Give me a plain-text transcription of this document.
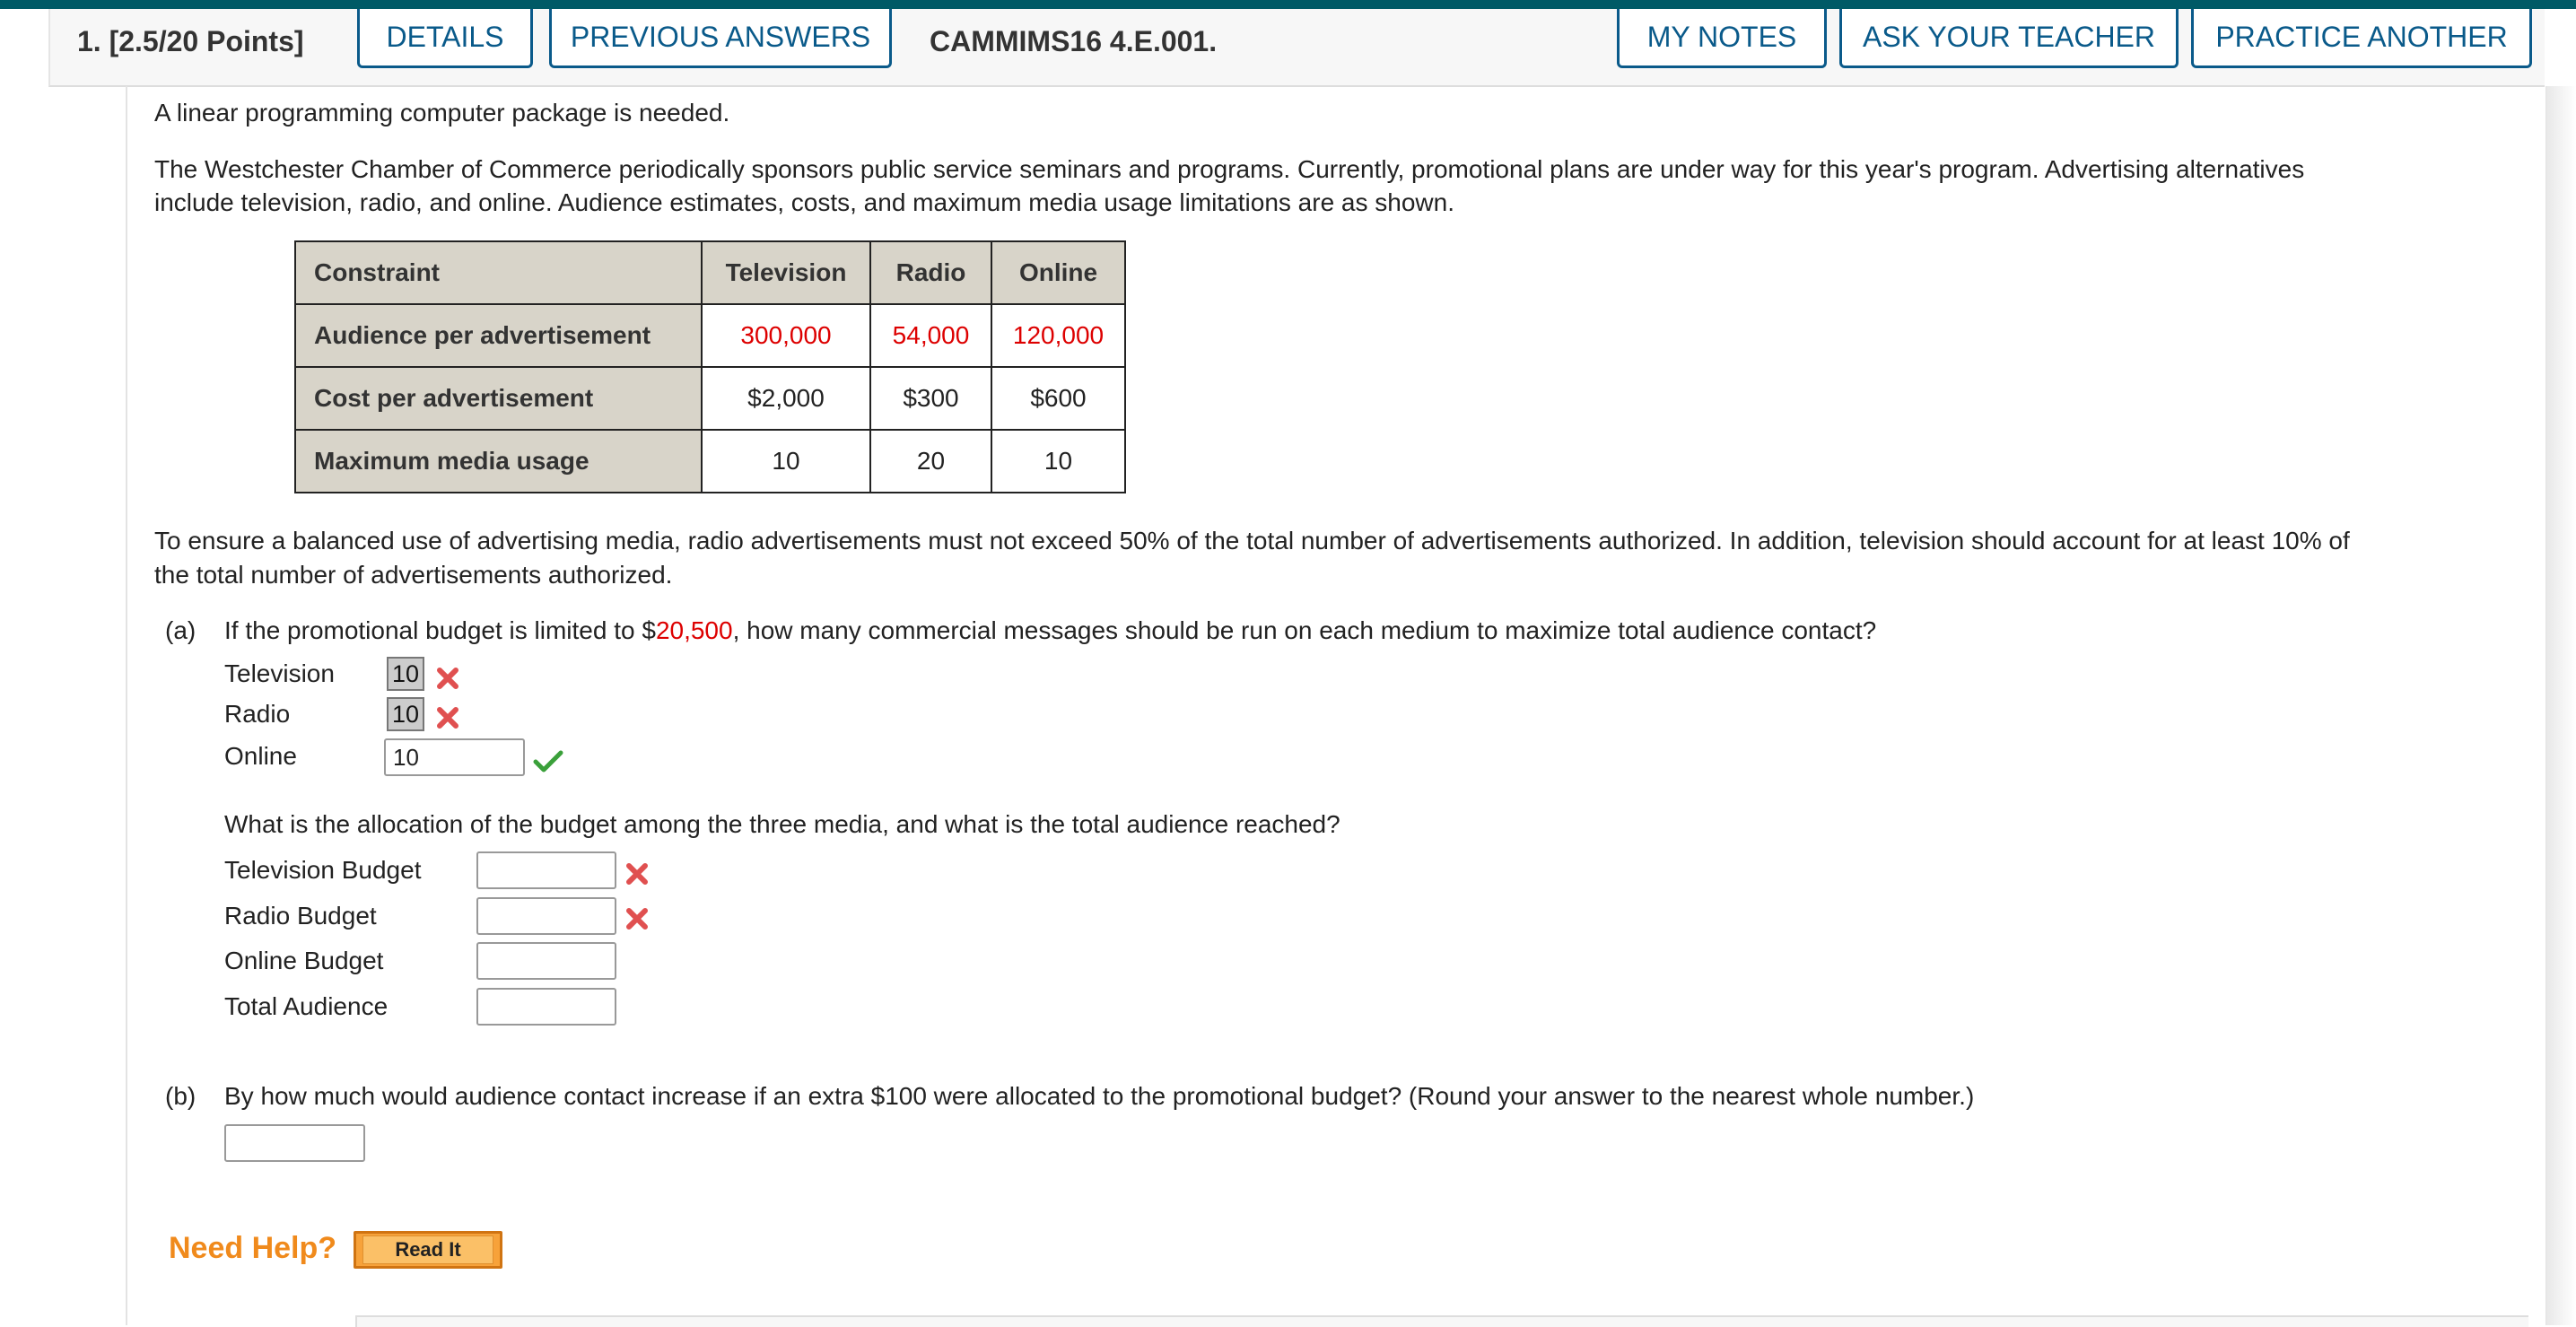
1. [2.5/20 Points]	DETAILS	PREVIOUS ANSWERS	CAMMIMS16 4.E.001.	MY NOTES	ASK YOUR TEACHER	PRACTICE ANOTHER
A linear programming computer package is needed.
The Westchester Chamber of Commerce periodically sponsors public service seminars and programs. Currently, promotional plans are under way for this year's program. Advertising alternatives
include television, radio, and online. Audience estimates, costs, and maximum media usage limitations are as shown.
Constraint	Television	Radio	Online
Audience per advertisement	300,000	54,000	120,000
Cost per advertisement	$2,000	$300	$600
Maximum media usage	10	20	10
To ensure a balanced use of advertising media, radio advertisements must not exceed 50% of the total number of advertisements authorized. In addition, television should account for at least 10% of
the total number of advertisements authorized.
(a) If the promotional budget is limited to $20,500, how many commercial messages should be run on each medium to maximize total audience contact?
Television 10
Radio	10
Online	10
What is the allocation of the budget among the three media, and what is the total audience reached?
Television Budget
Radio Budget
Online Budget
Total Audience
(b) By how much would audience contact increase if an extra $100 were allocated to the promotional budget? (Round your answer to the nearest whole number.)
Need Help?	Read It
